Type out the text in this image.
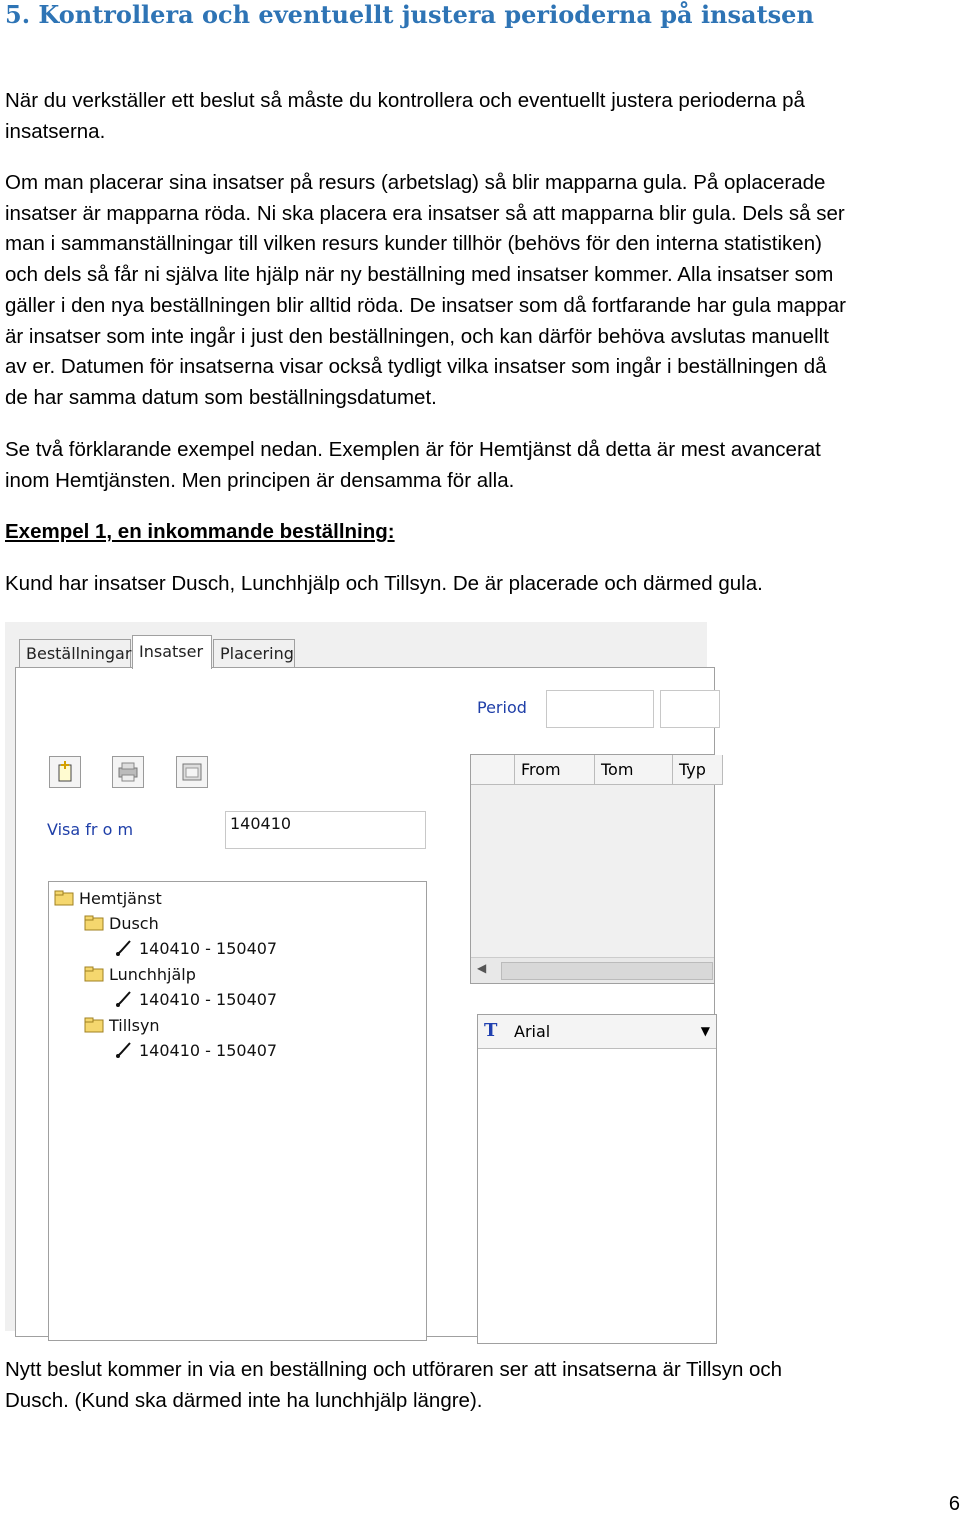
5. Kontrollera och eventuellt justera perioderna på insatsen

När du verkställer ett beslut så måste du kontrollera och eventuellt justera perioderna på
insatserna.

Om man placerar sina insatser på resurs (arbetslag) så blir mapparna gula. På oplacerade
insatser är mapparna röda. Ni ska placera era insatser så att mapparna blir gula. Dels så ser
man i sammanställningar till vilken resurs kunder tillhör (behövs för den interna statistiken)
och dels så får ni själva lite hjälp när ny beställning med insatser kommer. Alla insatser som
gäller i den nya beställningen blir alltid röda. De insatser som då fortfarande har gula mappar
är insatser som inte ingår i just den beställningen, och kan därför behöva avslutas manuellt
av er. Datumen för insatserna visar också tydligt vilka insatser som ingår i beställningen då
de har samma datum som beställningsdatumet.

Se två förklarande exempel nedan. Exemplen är för Hemtjänst då detta är mest avancerat
inom Hemtjänsten. Men principen är densamma för alla.

Exempel 1, en inkommande beställning:

Kund har insatser Dusch, Lunchhjälp och Tillsyn. De är placerade och därmed gula.

Beställningar Insatser	Placering
Period
Visa fr o m	140410
Hemtjänst
Dusch
140410 - 150407
Lunchhjälp
140410 - 150407
Tillsyn
140410 - 150407
From	Tom	Typ
◀
T Arial	▼

Nytt beslut kommer in via en beställning och utföraren ser att insatserna är Tillsyn och
Dusch. (Kund ska därmed inte ha lunchhjälp längre).

6
